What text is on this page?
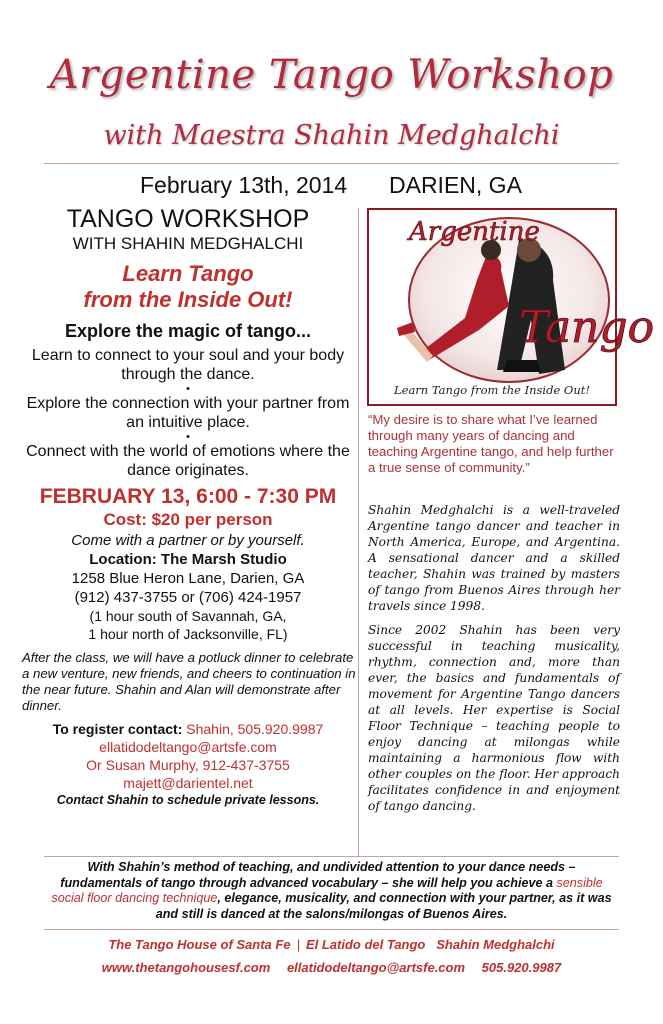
Argentine Tango Workshop
with Maestra Shahin Medghalchi
February 13th, 2014 DARIEN, GA
TANGO WORKSHOP
WITH SHAHIN MEDGHALCHI
Learn Tango
from the Inside Out!
Explore the magic of tango...
Learn to connect to your soul and your body through the dance.
•
Explore the connection with your partner from an intuitive place.
•
Connect with the world of emotions where the dance originates.
FEBRUARY 13, 6:00 - 7:30 PM
Cost: $20 per person
Come with a partner or by yourself.
Location: The Marsh Studio
1258 Blue Heron Lane, Darien, GA
(912) 437-3755 or (706) 424-1957
(1 hour south of Savannah, GA,
1 hour north of Jacksonville, FL)
After the class, we will have a potluck dinner to celebrate a new venture, new friends, and cheers to continuation in the near future. Shahin and Alan will demonstrate after dinner.
To register contact: Shahin, 505.920.9987
ellatidodeltango@artsfe.com
Or Susan Murphy, 912-437-3755
majett@darientel.net
Contact Shahin to schedule private lessons.
Argentine
Tango
Learn Tango from the Inside Out!
“My desire is to share what I’ve learned through many years of dancing and teaching Argentine tango, and help further a true sense of community.”

Shahin Medghalchi is a well-traveled Argentine tango dancer and teacher in North America, Europe, and Argentina. A sensational dancer and a skilled teacher, Shahin was trained by masters of tango from Buenos Aires through her travels since 1998.

Since 2002 Shahin has been very successful in teaching musicality, rhythm, connection and, more than ever, the basics and fundamentals of movement for Argentine Tango dancers at all levels. Her expertise is Social Floor Technique – teaching people to enjoy dancing at milongas while maintaining a harmonious flow with other couples on the floor. Her approach facilitates confidence in and enjoyment of tango dancing.

With Shahin’s method of teaching, and undivided attention to your dance needs – fundamentals of tango through advanced vocabulary – she will help you achieve a sensible social floor dancing technique, elegance, musicality, and connection with your partner, as it was and still is danced at the salons/milongas of Buenos Aires.
The Tango House of Santa Fe | El Latido del Tango Shahin Medghalchi
www.thetangohousesf.com ellatidodeltango@artsfe.com 505.920.9987
